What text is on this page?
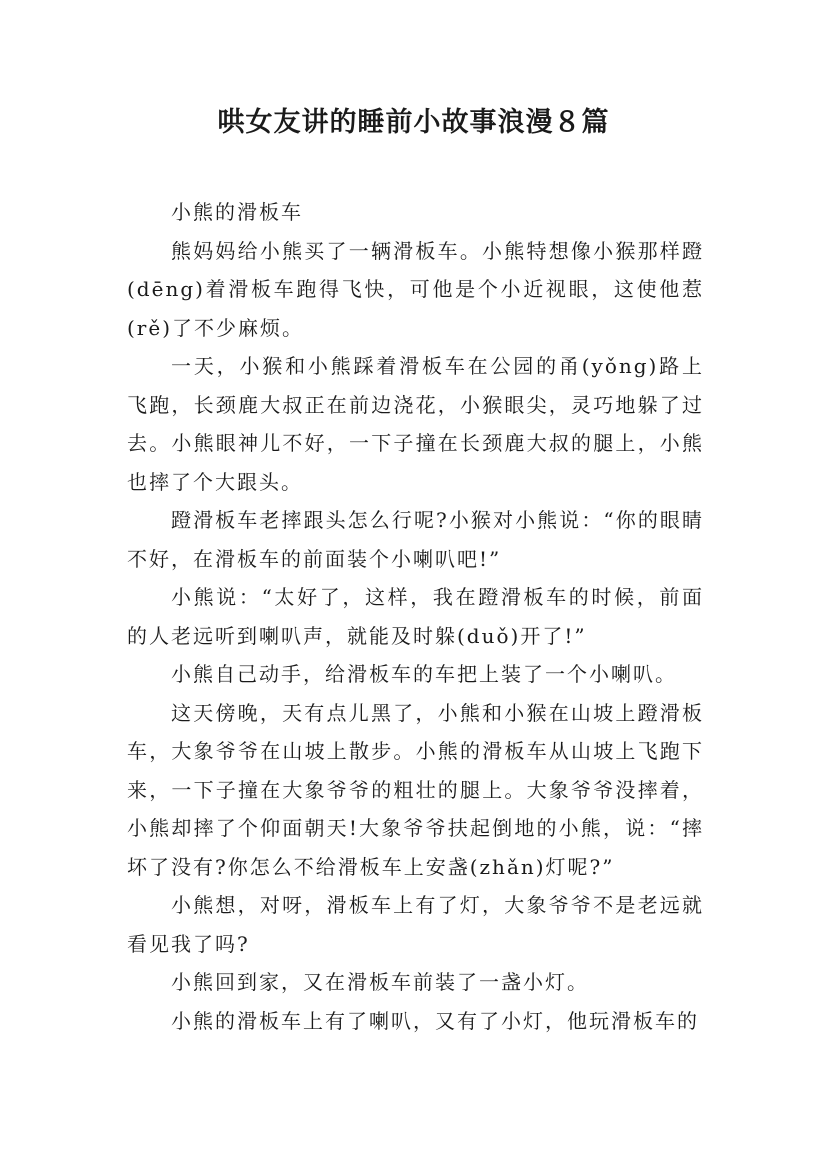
哄女友讲的睡前小故事浪漫８篇

小熊的滑板车

熊妈妈给小熊买了一辆滑板车。小熊特想像小猴那样蹬(dēng)着滑板车跑得飞快，可他是个小近视眼，这使他惹(rě)了不少麻烦。

一天，小猴和小熊踩着滑板车在公园的甬(yǒng)路上飞跑，长颈鹿大叔正在前边浇花，小猴眼尖，灵巧地躲了过去。小熊眼神儿不好，一下子撞在长颈鹿大叔的腿上，小熊也摔了个大跟头。

蹬滑板车老摔跟头怎么行呢?小猴对小熊说：“你的眼睛不好，在滑板车的前面装个小喇叭吧!”

小熊说：“太好了，这样，我在蹬滑板车的时候，前面的人老远听到喇叭声，就能及时躲(duǒ)开了!”

小熊自己动手，给滑板车的车把上装了一个小喇叭。

这天傍晚，天有点儿黑了，小熊和小猴在山坡上蹬滑板车，大象爷爷在山坡上散步。小熊的滑板车从山坡上飞跑下来，一下子撞在大象爷爷的粗壮的腿上。大象爷爷没摔着，小熊却摔了个仰面朝天!大象爷爷扶起倒地的小熊，说：“摔坏了没有?你怎么不给滑板车上安盏(zhǎn)灯呢?”

小熊想，对呀，滑板车上有了灯，大象爷爷不是老远就看见我了吗?

小熊回到家，又在滑板车前装了一盏小灯。

小熊的滑板车上有了喇叭，又有了小灯，他玩滑板车的
